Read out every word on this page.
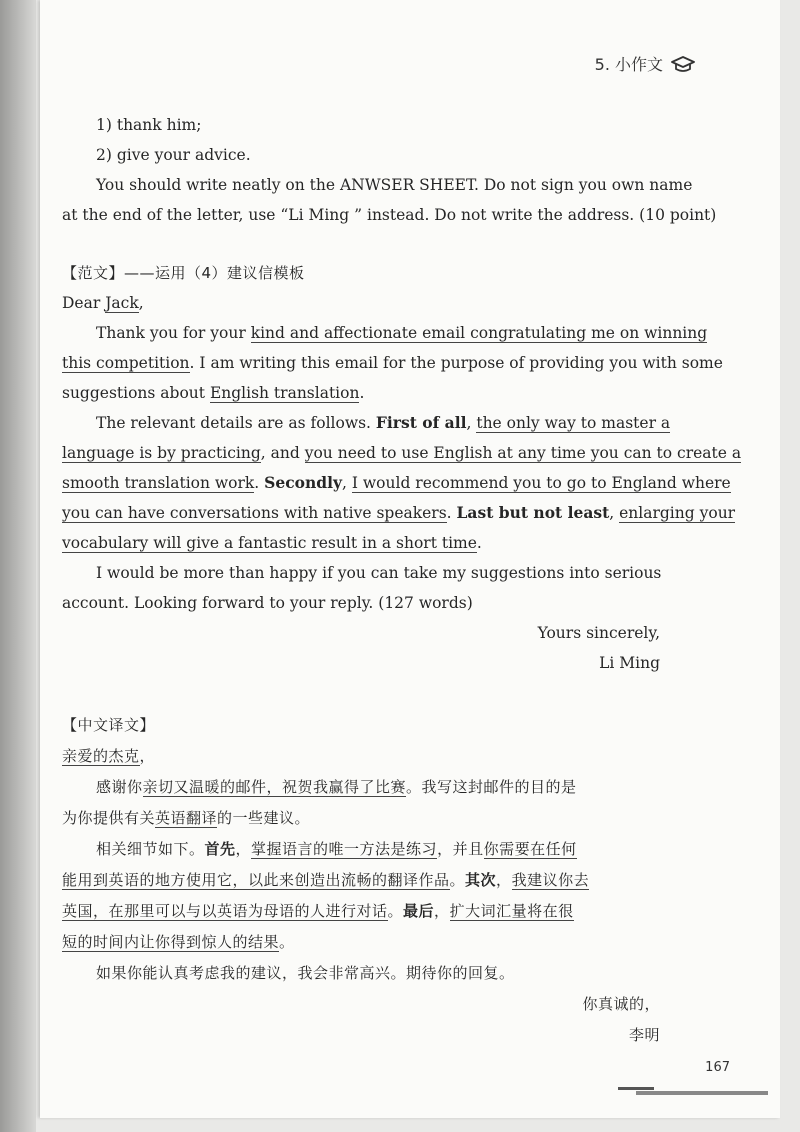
5. 小作文
1) thank him;
2) give your advice.
You should write neatly on the ANWSER SHEET. Do not sign you own name
at the end of the letter, use “Li Ming ” instead. Do not write the address. (10 point)
【范文】——运用（4）建议信模板
Dear Jack,
Thank you for your kind and affectionate email congratulating me on winning
this competition. I am writing this email for the purpose of providing you with some
suggestions about English translation.
The relevant details are as follows. First of all, the only way to master a
language is by practicing, and you need to use English at any time you can to create a
smooth translation work. Secondly, I would recommend you to go to England where
you can have conversations with native speakers. Last but not least, enlarging your
vocabulary will give a fantastic result in a short time.
I would be more than happy if you can take my suggestions into serious
account. Looking forward to your reply. (127 words)
Yours sincerely,
Li Ming
【中文译文】
亲爱的杰克，
感谢你亲切又温暖的邮件，祝贺我赢得了比赛。我写这封邮件的目的是
为你提供有关英语翻译的一些建议。
相关细节如下。首先，掌握语言的唯一方法是练习，并且你需要在任何
能用到英语的地方使用它，以此来创造出流畅的翻译作品。其次，我建议你去
英国，在那里可以与以英语为母语的人进行对话。最后，扩大词汇量将在很
短的时间内让你得到惊人的结果。
如果你能认真考虑我的建议，我会非常高兴。期待你的回复。
你真诚的，
李明
167
